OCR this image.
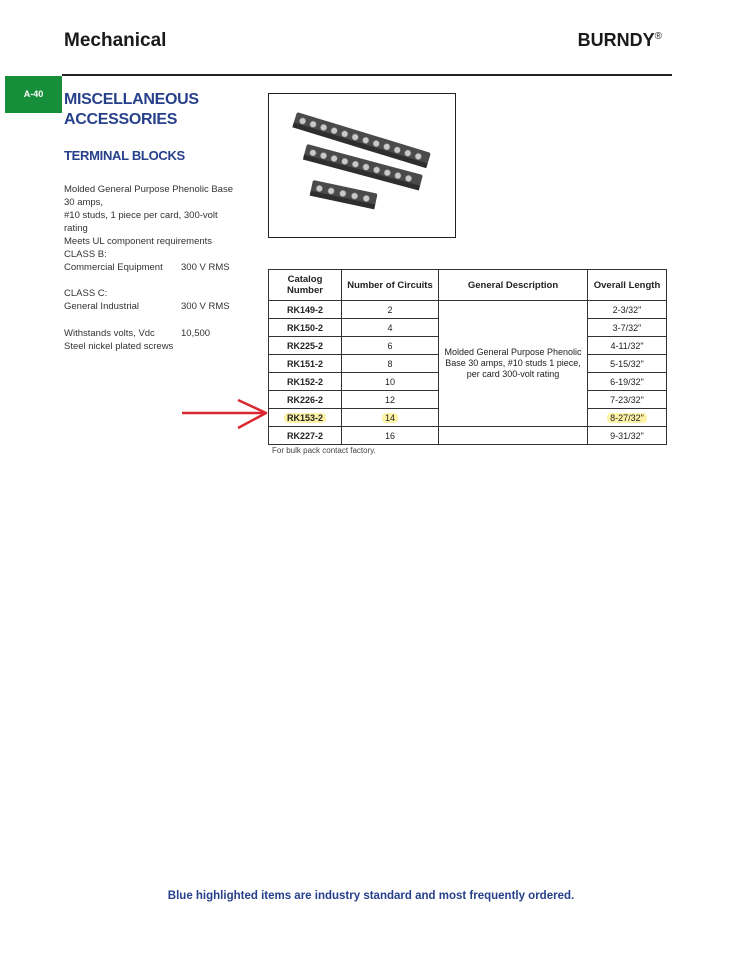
Mechanical	BURNDY®
A-40	MISCELLANEOUS
ACCESSORIES
TERMINAL BLOCKS
Molded General Purpose Phenolic Base 30 amps,
#10 studs, 1 piece per card, 300-volt rating
Meets UL component requirements
CLASS B:
Commercial Equipment 300 V RMS
CLASS C:
General Industrial	300 V RMS
Withstands volts, Vdc	10,500
Steel nickel plated screws
Catalog Number	Number of Circuits	General Description	Overall Length
RK149-2	2	Molded General Purpose Phenolic Base 30 amps, #10 studs 1 piece, per card 300-volt rating	2-3/32"
RK150-2	4		3-7/32"
RK225-2	6		4-11/32"
RK151-2	8		5-15/32"
RK152-2	10		6-19/32"
RK226-2	12		7-23/32"
RK153-2	14		8-27/32"
RK227-2	16		9-31/32"
For bulk pack contact factory.
Blue highlighted items are industry standard and most frequently ordered.
